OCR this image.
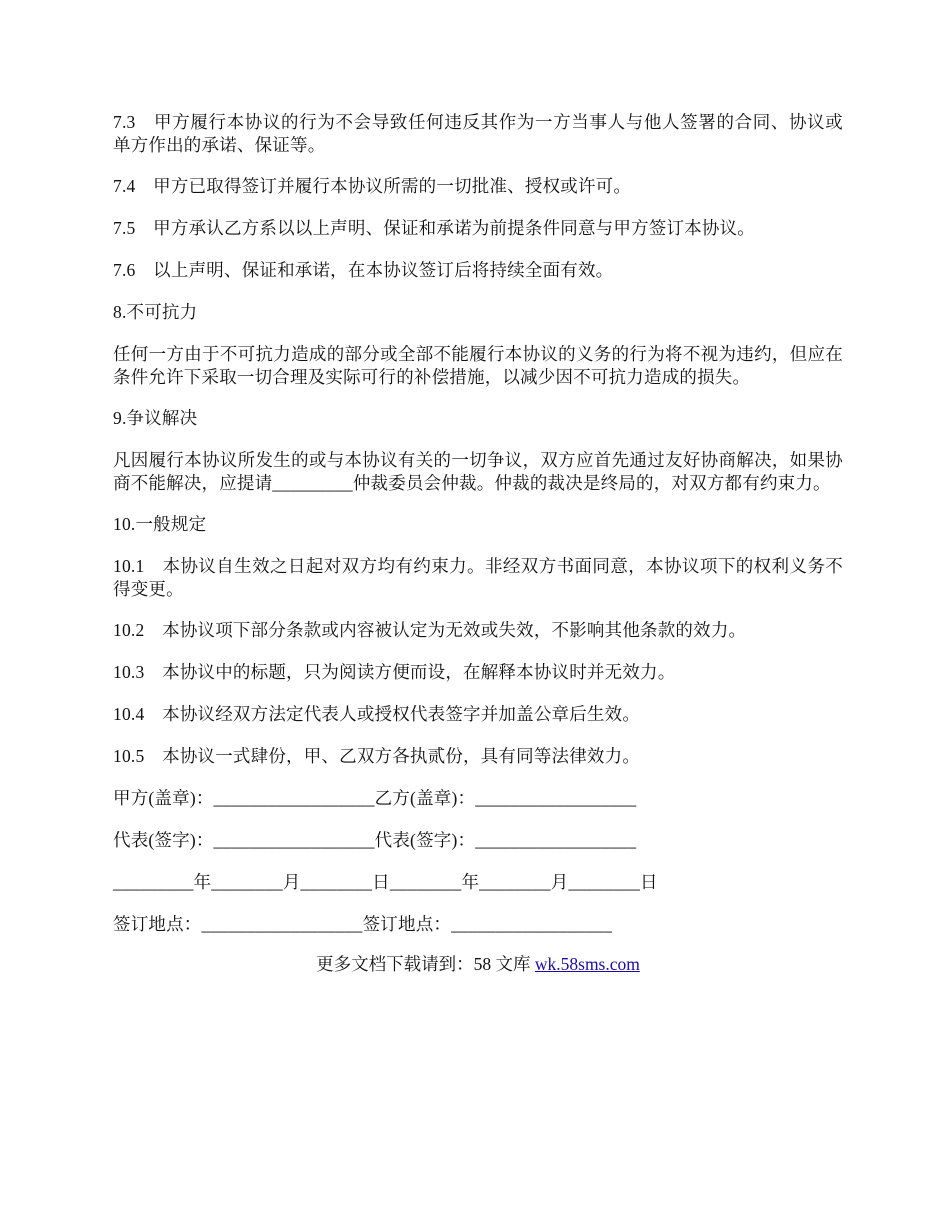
7.3　甲方履行本协议的行为不会导致任何违反其作为一方当事人与他人签署的合同、协议或单方作出的承诺、保证等。

7.4　甲方已取得签订并履行本协议所需的一切批准、授权或许可。

7.5　甲方承认乙方系以以上声明、保证和承诺为前提条件同意与甲方签订本协议。

7.6　以上声明、保证和承诺，在本协议签订后将持续全面有效。

8.不可抗力

任何一方由于不可抗力造成的部分或全部不能履行本协议的义务的行为将不视为违约，但应在条件允许下采取一切合理及实际可行的补偿措施，以减少因不可抗力造成的损失。

9.争议解决

凡因履行本协议所发生的或与本协议有关的一切争议，双方应首先通过友好协商解决，如果协商不能解决，应提请_________仲裁委员会仲裁。仲裁的裁决是终局的，对双方都有约束力。

10.一般规定

10.1　本协议自生效之日起对双方均有约束力。非经双方书面同意，本协议项下的权利义务不得变更。

10.2　本协议项下部分条款或内容被认定为无效或失效，不影响其他条款的效力。

10.3　本协议中的标题，只为阅读方便而设，在解释本协议时并无效力。

10.4　本协议经双方法定代表人或授权代表签字并加盖公章后生效。

10.5　本协议一式肆份，甲、乙双方各执贰份，具有同等法律效力。

甲方(盖章)：__________________乙方(盖章)：__________________

代表(签字)：__________________代表(签字)：__________________

_________年________月________日________年________月________日

签订地点：__________________签订地点：__________________

更多文档下载请到：58 文库 wk.58sms.com
